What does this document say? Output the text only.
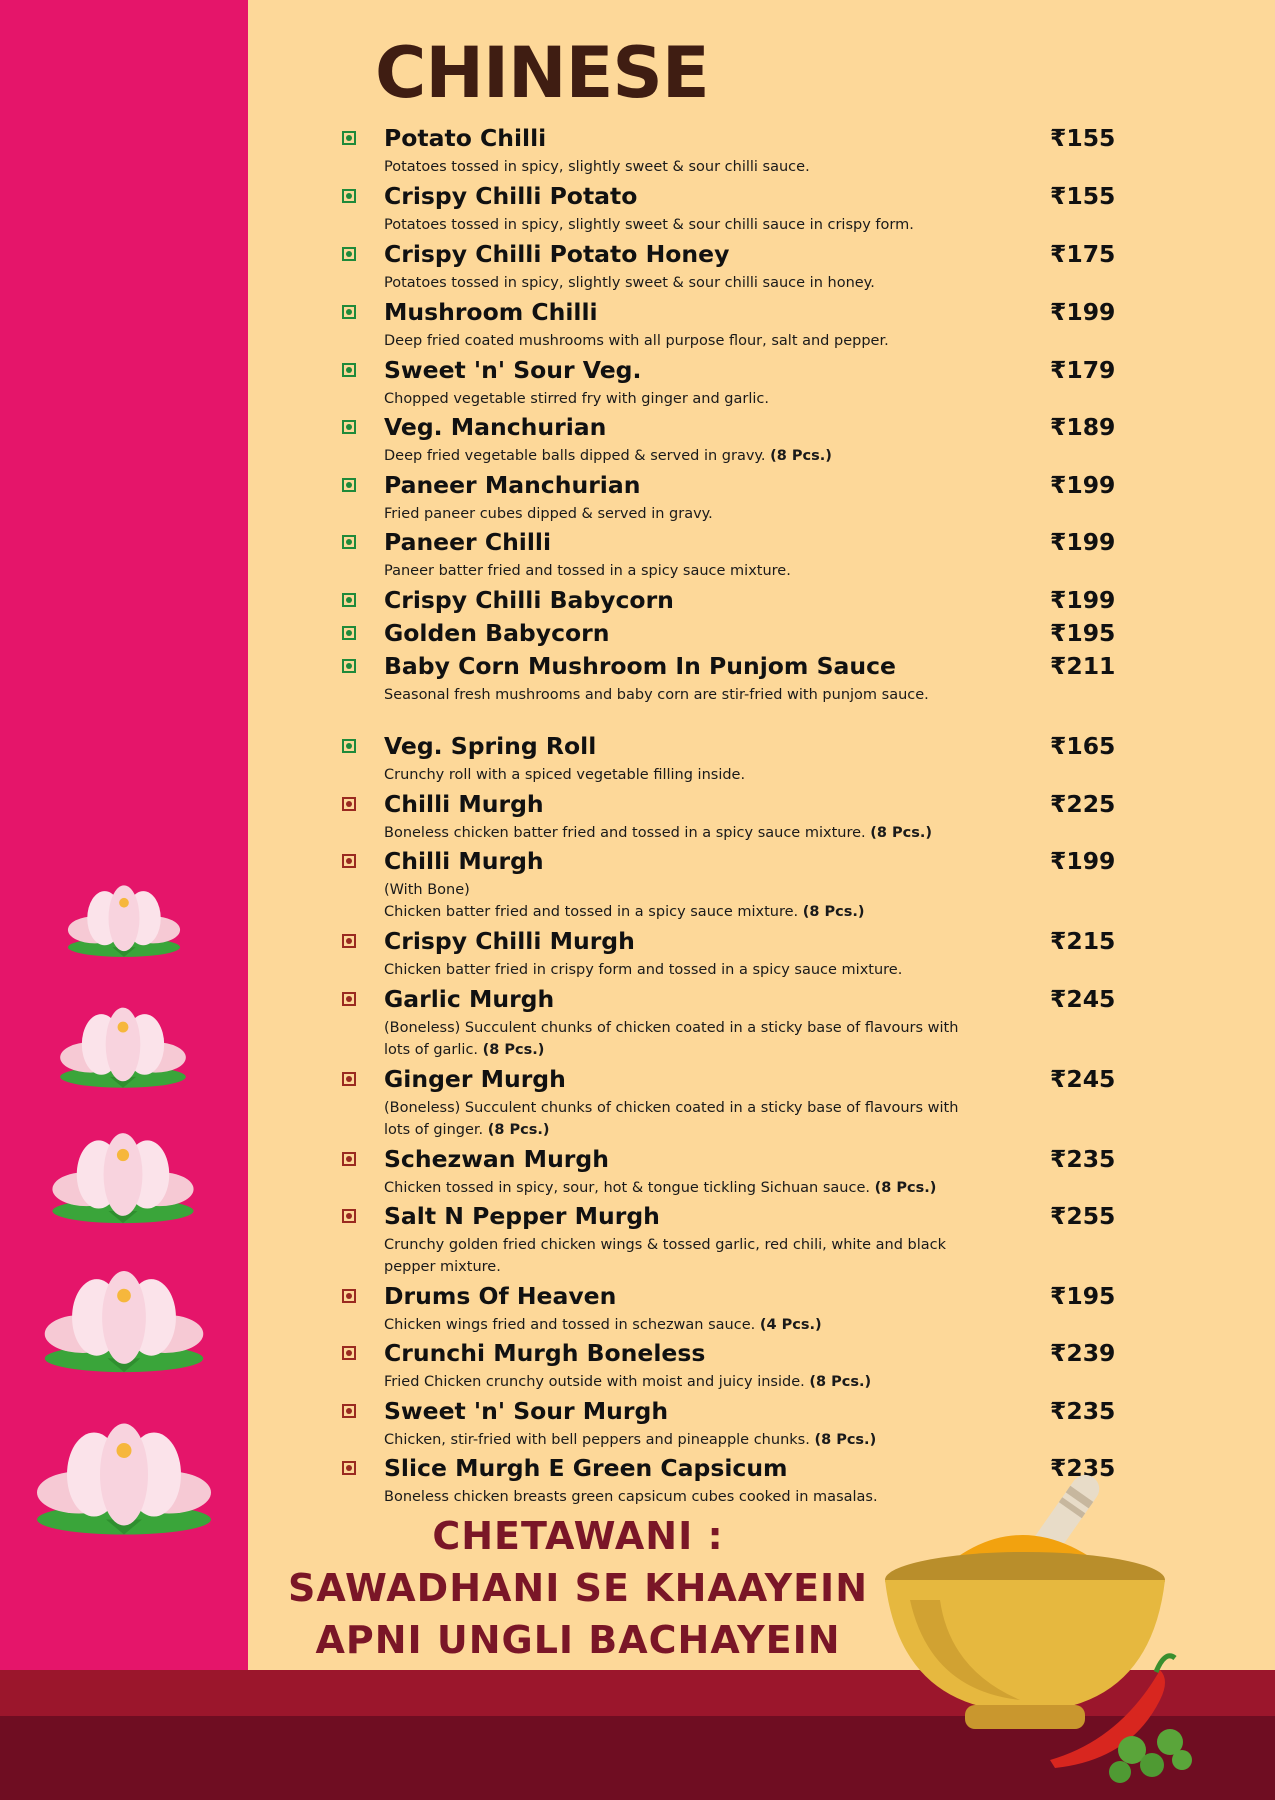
CHINESE
Potato Chilli	₹155
Potatoes tossed in spicy, slightly sweet & sour chilli sauce.
Crispy Chilli Potato	₹155
Potatoes tossed in spicy, slightly sweet & sour chilli sauce in crispy form.
Crispy Chilli Potato Honey	₹175
Potatoes tossed in spicy, slightly sweet & sour chilli sauce in honey.
Mushroom Chilli	₹199
Deep fried coated mushrooms with all purpose flour, salt and pepper.
Sweet 'n' Sour Veg.	₹179
Chopped vegetable stirred fry with ginger and garlic.
Veg. Manchurian	₹189
Deep fried vegetable balls dipped & served in gravy. (8 Pcs.)
Paneer Manchurian	₹199
Fried paneer cubes dipped & served in gravy.
Paneer Chilli	₹199
Paneer batter fried and tossed in a spicy sauce mixture.
Crispy Chilli Babycorn	₹199
Golden Babycorn	₹195
Baby Corn Mushroom In Punjom Sauce	₹211
Seasonal fresh mushrooms and baby corn are stir-fried with punjom sauce.
Veg. Spring Roll	₹165
Crunchy roll with a spiced vegetable filling inside.
Chilli Murgh	₹225
Boneless chicken batter fried and tossed in a spicy sauce mixture. (8 Pcs.)
Chilli Murgh	₹199
(With Bone)
Chicken batter fried and tossed in a spicy sauce mixture. (8 Pcs.)
Crispy Chilli Murgh	₹215
Chicken batter fried in crispy form and tossed in a spicy sauce mixture.
Garlic Murgh	₹245
(Boneless) Succulent chunks of chicken coated in a sticky base of flavours with lots of garlic. (8 Pcs.)
Ginger Murgh	₹245
(Boneless) Succulent chunks of chicken coated in a sticky base of flavours with lots of ginger. (8 Pcs.)
Schezwan Murgh	₹235
Chicken tossed in spicy, sour, hot & tongue tickling Sichuan sauce. (8 Pcs.)
Salt N Pepper Murgh	₹255
Crunchy golden fried chicken wings & tossed garlic, red chili, white and black pepper mixture.
Drums Of Heaven	₹195
Chicken wings fried and tossed in schezwan sauce. (4 Pcs.)
Crunchi Murgh Boneless	₹239
Fried Chicken crunchy outside with moist and juicy inside. (8 Pcs.)
Sweet 'n' Sour Murgh	₹235
Chicken, stir-fried with bell peppers and pineapple chunks. (8 Pcs.)
Slice Murgh E Green Capsicum	₹235
Boneless chicken breasts green capsicum cubes cooked in masalas.
CHETAWANI :
SAWADHANI SE KHAAYEIN
APNI UNGLI BACHAYEIN
